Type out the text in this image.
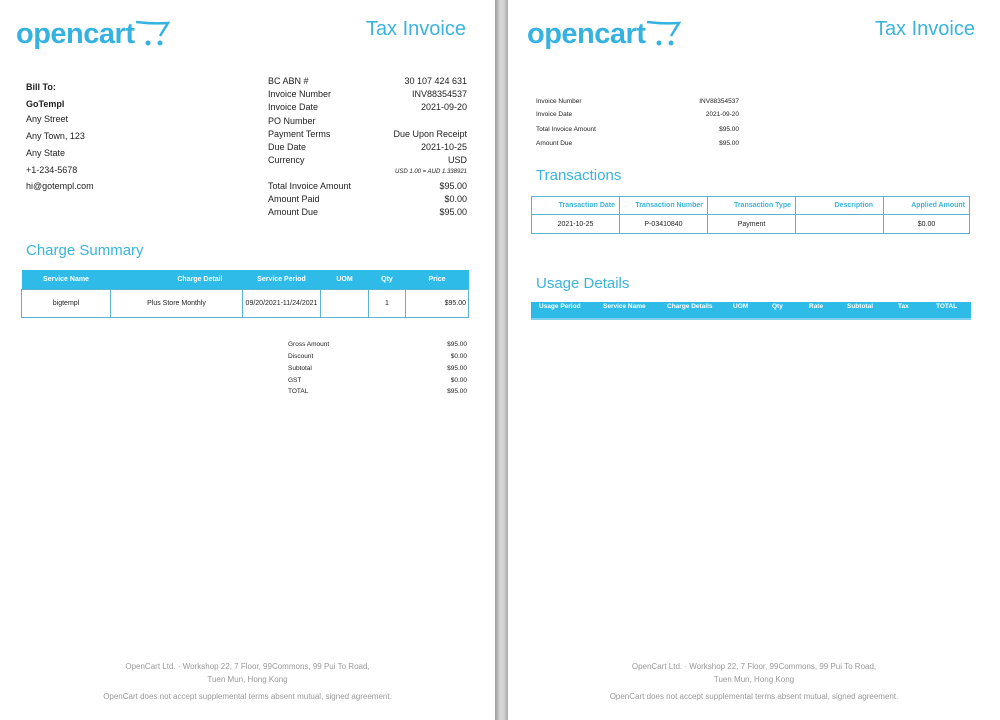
opencart	Tax Invoice
Bill To:
GoTempl
Any Street
Any Town, 123
Any State
+1-234-5678
hi@gotempl.com
BC ABN #	30 107 424 631
Invoice Number	INV88354537
Invoice Date	2021-09-20
PO Number
Payment Terms	Due Upon Receipt
Due Date	2021-10-25
Currency	USD
USD 1.00 = AUD 1.338921
Total Invoice Amount	$95.00
Amount Paid	$0.00
Amount Due	$95.00
Charge Summary
Service Name	Charge Detail	Service Period	UOM	Qty	Price
bigtempl	Plus Store Monthly	09/20/2021-11/24/2021		1	$95.00
Gross Amount	$95.00
Discount	$0.00
Subtotal	$95.00
GST	$0.00
TOTAL	$95.00
OpenCart Ltd. · Workshop 22, 7 Floor, 99Commons, 99 Pui To Road,
Tuen Mun, Hong Kong
OpenCart does not accept supplemental terms absent mutual, signed agreement.
opencart	Tax Invoice
Invoice Number	INV88354537
Invoice Date	2021-09-20
Total Invoice Amount	$95.00
Amount Due	$95.00
Transactions
Transaction Date	Transaction Number	Transaction Type	Description	Applied Amount
2021-10-25	P-03410840	Payment		$0.00
Usage Details
Usage Period	Service Name	Charge Details	UOM	Qty	Rate	Subtotal	Tax	TOTAL
OpenCart Ltd. · Workshop 22, 7 Floor, 99Commons, 99 Pui To Road,
Tuen Mun, Hong Kong
OpenCart does not accept supplemental terms absent mutual, signed agreement.
